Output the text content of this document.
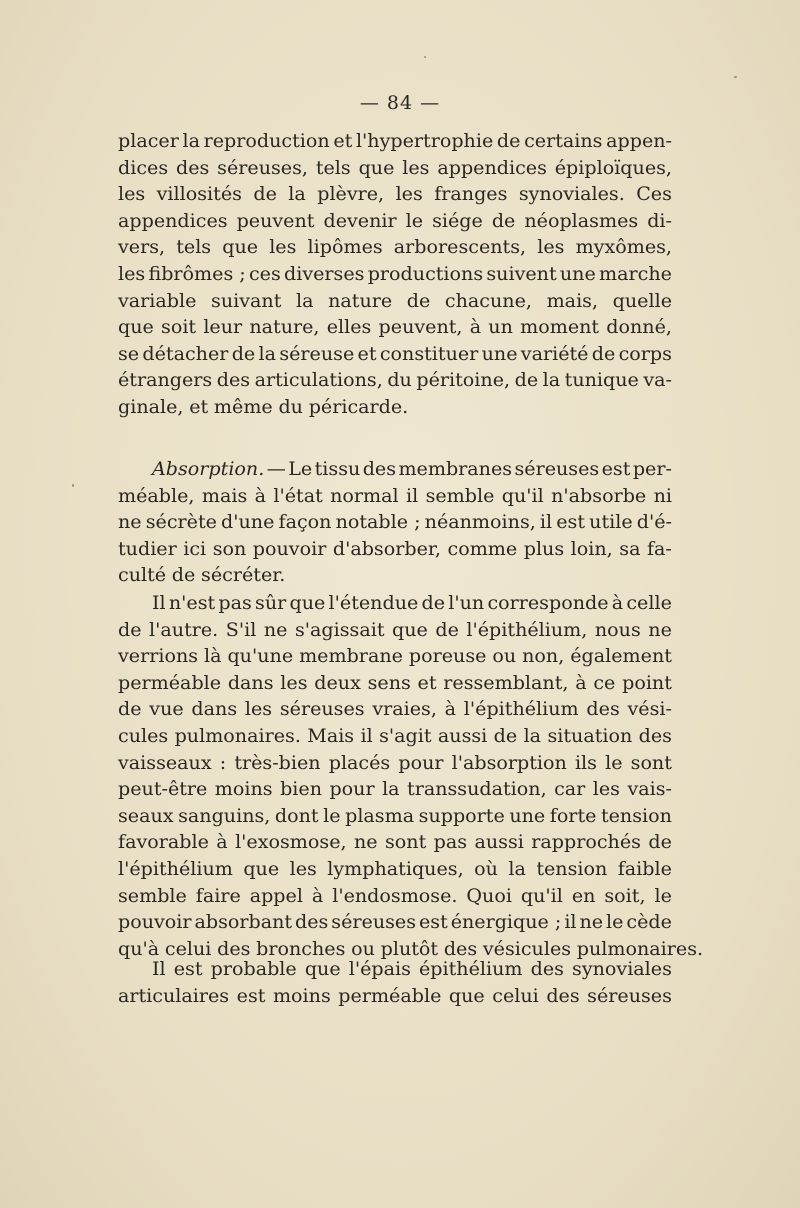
— 84 —
placer la reproduction et l'hypertrophie de certains appen-
dices des séreuses, tels que les appendices épiploïques,
les villosités de la plèvre, les franges synoviales. Ces
appendices peuvent devenir le siége de néoplasmes di-
vers, tels que les lipômes arborescents, les myxômes,
les fibrômes ; ces diverses productions suivent une marche
variable suivant la nature de chacune, mais, quelle
que soit leur nature, elles peuvent, à un moment donné,
se détacher de la séreuse et constituer une variété de corps
étrangers des articulations, du péritoine, de la tunique va-
ginale, et même du péricarde.
Absorption. — Le tissu des membranes séreuses est per-
méable, mais à l'état normal il semble qu'il n'absorbe ni
ne sécrète d'une façon notable ; néanmoins, il est utile d'é-
tudier ici son pouvoir d'absorber, comme plus loin, sa fa-
culté de sécréter.
Il n'est pas sûr que l'étendue de l'un corresponde à celle
de l'autre. S'il ne s'agissait que de l'épithélium, nous ne
verrions là qu'une membrane poreuse ou non, également
perméable dans les deux sens et ressemblant, à ce point
de vue dans les séreuses vraies, à l'épithélium des vési-
cules pulmonaires. Mais il s'agit aussi de la situation des
vaisseaux : très-bien placés pour l'absorption ils le sont
peut-être moins bien pour la transsudation, car les vais-
seaux sanguins, dont le plasma supporte une forte tension
favorable à l'exosmose, ne sont pas aussi rapprochés de
l'épithélium que les lymphatiques, où la tension faible
semble faire appel à l'endosmose. Quoi qu'il en soit, le
pouvoir absorbant des séreuses est énergique ; il ne le cède
qu'à celui des bronches ou plutôt des vésicules pulmonaires.
Il est probable que l'épais épithélium des synoviales
articulaires est moins perméable que celui des séreuses
